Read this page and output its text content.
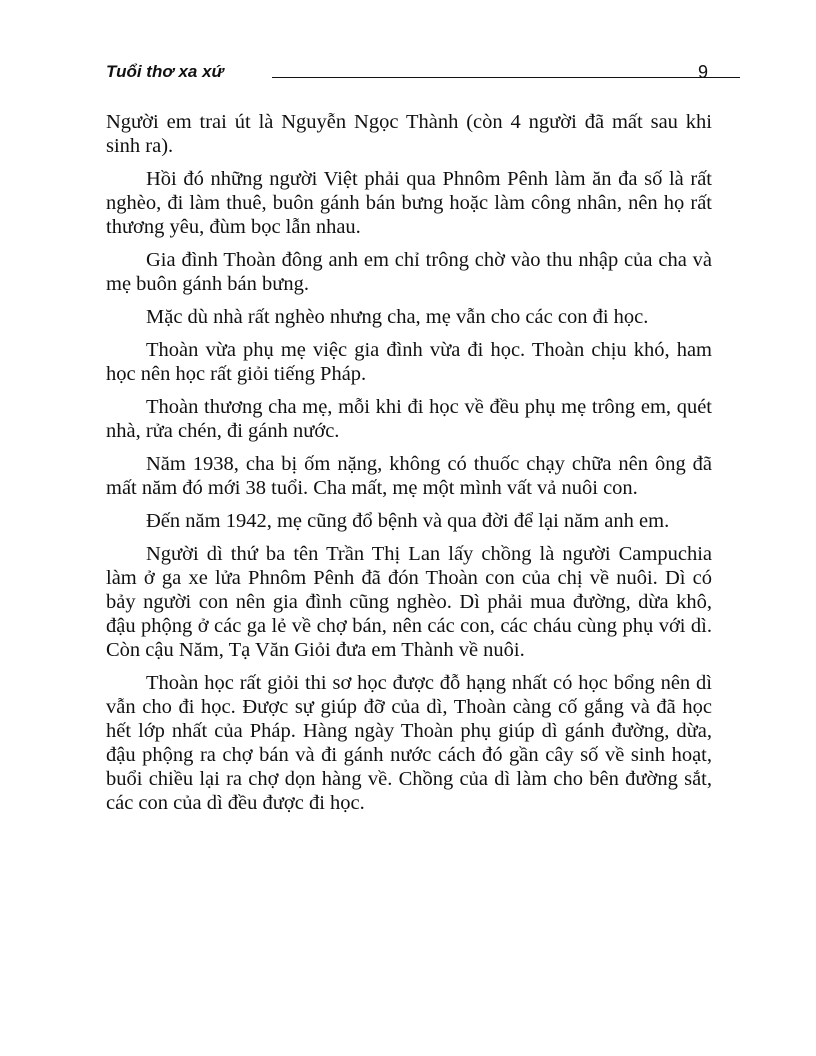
Tuổi thơ xa xứ	9

Người em trai út là Nguyễn Ngọc Thành (còn 4 người đã mất sau khi sinh ra).

Hồi đó những người Việt phải qua Phnôm Pênh làm ăn đa số là rất nghèo, đi làm thuê, buôn gánh bán bưng hoặc làm công nhân, nên họ rất thương yêu, đùm bọc lẫn nhau.

Gia đình Thoàn đông anh em chỉ trông chờ vào thu nhập của cha và mẹ buôn gánh bán bưng.

Mặc dù nhà rất nghèo nhưng cha, mẹ vẫn cho các con đi học.

Thoàn vừa phụ mẹ việc gia đình vừa đi học. Thoàn chịu khó, ham học nên học rất giỏi tiếng Pháp.

Thoàn thương cha mẹ, mỗi khi đi học về đều phụ mẹ trông em, quét nhà, rửa chén, đi gánh nước.

Năm 1938, cha bị ốm nặng, không có thuốc chạy chữa nên ông đã mất năm đó mới 38 tuổi. Cha mất, mẹ một mình vất vả nuôi con.

Đến năm 1942, mẹ cũng đổ bệnh và qua đời để lại năm anh em.

Người dì thứ ba tên Trần Thị Lan lấy chồng là người Campuchia làm ở ga xe lửa Phnôm Pênh đã đón Thoàn con của chị về nuôi. Dì có bảy người con nên gia đình cũng nghèo. Dì phải mua đường, dừa khô, đậu phộng ở các ga lẻ về chợ bán, nên các con, các cháu cùng phụ với dì. Còn cậu Năm, Tạ Văn Giỏi đưa em Thành về nuôi.

Thoàn học rất giỏi thi sơ học được đỗ hạng nhất có học bổng nên dì vẫn cho đi học. Được sự giúp đỡ của dì, Thoàn càng cố gắng và đã học hết lớp nhất của Pháp. Hàng ngày Thoàn phụ giúp dì gánh đường, dừa, đậu phộng ra chợ bán và đi gánh nước cách đó gần cây số về sinh hoạt, buổi chiều lại ra chợ dọn hàng về. Chồng của dì làm cho bên đường sắt, các con của dì đều được đi học.
